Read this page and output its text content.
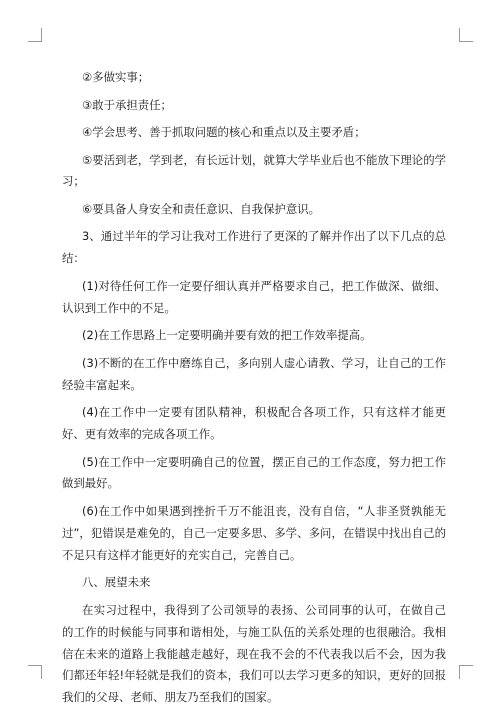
②多做实事；

③敢于承担责任；

④学会思考、善于抓取问题的核心和重点以及主要矛盾；

⑤要活到老，学到老，有长远计划，就算大学毕业后也不能放下理论的学习；

⑥要具备人身安全和责任意识、自我保护意识。

3、通过半年的学习让我对工作进行了更深的了解并作出了以下几点的总结：

(1)对待任何工作一定要仔细认真并严格要求自己，把工作做深、做细、认识到工作中的不足。

(2)在工作思路上一定要明确并要有效的把工作效率提高。

(3)不断的在工作中磨练自己，多向别人虚心请教、学习，让自己的工作经验丰富起来。

(4)在工作中一定要有团队精神，积极配合各项工作，只有这样才能更好、更有效率的完成各项工作。

(5)在工作中一定要明确自己的位置，摆正自己的工作态度，努力把工作做到最好。

(6)在工作中如果遇到挫折千万不能沮丧，没有自信，“人非圣贤孰能无过”，犯错误是难免的，自己一定要多思、多学、多问，在错误中找出自己的不足只有这样才能更好的充实自己，完善自己。

八、展望未来

在实习过程中，我得到了公司领导的表扬、公司同事的认可，在做自己的工作的时候能与同事和谐相处，与施工队伍的关系处理的也很融洽。我相信在未来的道路上我能越走越好，现在我不会的不代表我以后不会，因为我们都还年轻!年轻就是我们的资本，我们可以去学习更多的知识，更好的回报我们的父母、老师、朋友乃至我们的国家。
